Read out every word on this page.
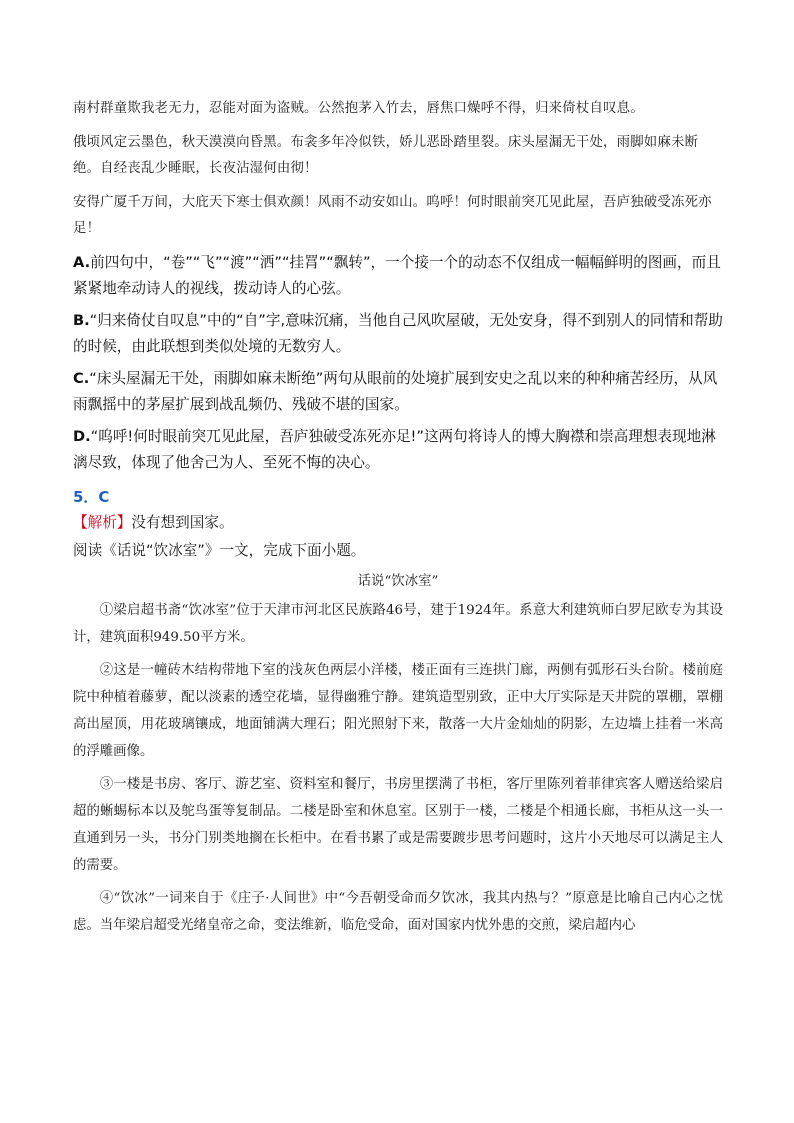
南村群童欺我老无力，忍能对面为盗贼。公然抱茅入竹去，唇焦口燥呼不得，归来倚杖自叹息。

俄顷风定云墨色，秋天漠漠向昏黑。布衾多年冷似铁，娇儿恶卧踏里裂。床头屋漏无干处，雨脚如麻未断绝。自经丧乱少睡眠，长夜沾湿何由彻！

安得广厦千万间，大庇天下寒士俱欢颜！风雨不动安如山。呜呼！何时眼前突兀见此屋，吾庐独破受冻死亦足！

A.前四句中，“卷”“飞”“渡”“洒”“挂罥”“飘转”，一个接一个的动态不仅组成一幅幅鲜明的图画，而且紧紧地牵动诗人的视线，拨动诗人的心弦。

B.“归来倚仗自叹息”中的“自”字,意味沉痛，当他自己风吹屋破，无处安身，得不到别人的同情和帮助的时候，由此联想到类似处境的无数穷人。

C.“床头屋漏无干处，雨脚如麻未断绝”两句从眼前的处境扩展到安史之乱以来的种种痛苦经历，从风雨飘摇中的茅屋扩展到战乱频仍、残破不堪的国家。

D.“呜呼!何时眼前突兀见此屋，吾庐独破受冻死亦足!”这两句将诗人的博大胸襟和崇高理想表现地淋漓尽致，体现了他舍己为人、至死不悔的决心。

5．C
【解析】没有想到国家。
阅读《话说“饮冰室”》一文，完成下面小题。
话说“饮冰室”

①梁启超书斋“饮冰室”位于天津市河北区民族路46号，建于1924年。系意大利建筑师白罗尼欧专为其设计，建筑面积949.50平方米。

②这是一幢砖木结构带地下室的浅灰色两层小洋楼，楼正面有三连拱门廊，两侧有弧形石头台阶。楼前庭院中种植着藤萝，配以淡素的透空花墙，显得幽雅宁静。建筑造型别致，正中大厅实际是天井院的罩棚，罩棚高出屋顶，用花玻璃镶成，地面铺满大理石；阳光照射下来，散落一大片金灿灿的阴影，左边墙上挂着一米高的浮雕画像。

③一楼是书房、客厅、游艺室、资料室和餐厅，书房里摆满了书柜，客厅里陈列着菲律宾客人赠送给梁启超的蜥蜴标本以及鸵鸟蛋等复制品。二楼是卧室和休息室。区别于一楼，二楼是个相通长廊，书柜从这一头一直通到另一头，书分门别类地搁在长柜中。在看书累了或是需要踱步思考问题时，这片小天地尽可以满足主人的需要。

④“饮冰”一词来自于《庄子·人间世》中“今吾朝受命而夕饮冰，我其内热与？”原意是比喻自己内心之忧虑。当年梁启超受光绪皇帝之命，变法维新，临危受命，面对国家内忧外患的交煎，梁启超内心
